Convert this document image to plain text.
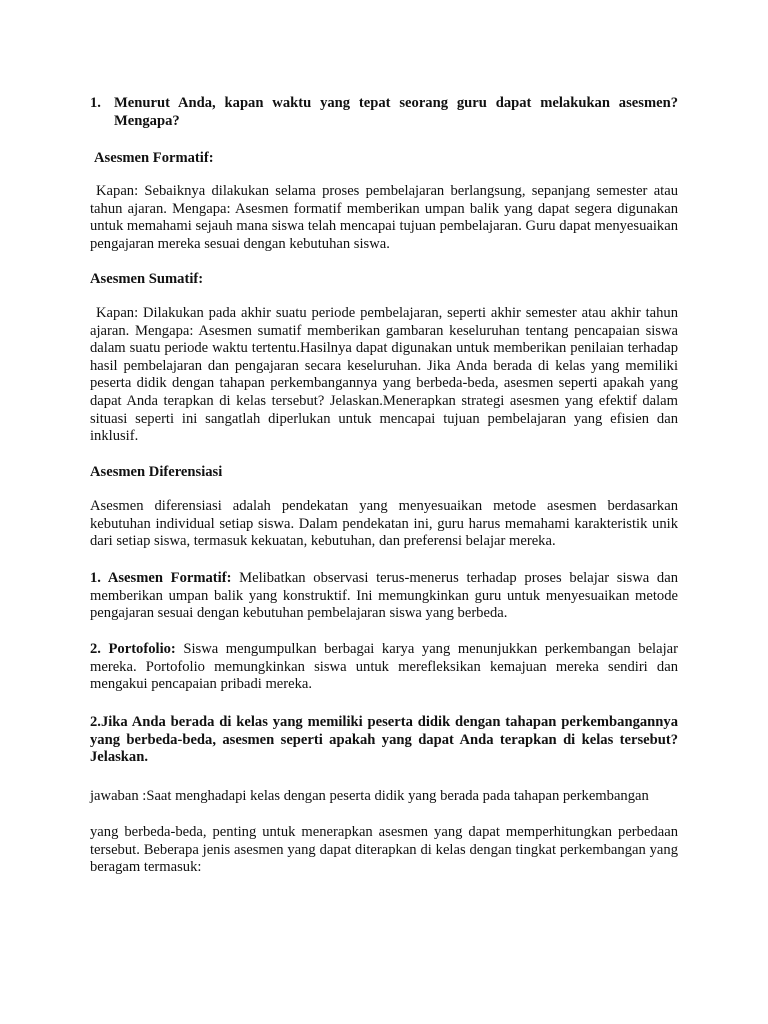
1. Menurut Anda, kapan waktu yang tepat seorang guru dapat melakukan asesmen? Mengapa?

Asesmen Formatif:

Kapan: Sebaiknya dilakukan selama proses pembelajaran berlangsung, sepanjang semester atau tahun ajaran. Mengapa: Asesmen formatif memberikan umpan balik yang dapat segera digunakan untuk memahami sejauh mana siswa telah mencapai tujuan pembelajaran. Guru dapat menyesuaikan pengajaran mereka sesuai dengan kebutuhan siswa.

Asesmen Sumatif:

Kapan: Dilakukan pada akhir suatu periode pembelajaran, seperti akhir semester atau akhir tahun ajaran. Mengapa: Asesmen sumatif memberikan gambaran keseluruhan tentang pencapaian siswa dalam suatu periode waktu tertentu.Hasilnya dapat digunakan untuk memberikan penilaian terhadap hasil pembelajaran dan pengajaran secara keseluruhan. Jika Anda berada di kelas yang memiliki peserta didik dengan tahapan perkembangannya yang berbeda-beda, asesmen seperti apakah yang dapat Anda terapkan di kelas tersebut? Jelaskan.Menerapkan strategi asesmen yang efektif dalam situasi seperti ini sangatlah diperlukan untuk mencapai tujuan pembelajaran yang efisien dan inklusif.

Asesmen Diferensiasi

Asesmen diferensiasi adalah pendekatan yang menyesuaikan metode asesmen berdasarkan kebutuhan individual setiap siswa. Dalam pendekatan ini, guru harus memahami karakteristik unik dari setiap siswa, termasuk kekuatan, kebutuhan, dan preferensi belajar mereka.

1. Asesmen Formatif: Melibatkan observasi terus-menerus terhadap proses belajar siswa dan memberikan umpan balik yang konstruktif. Ini memungkinkan guru untuk menyesuaikan metode pengajaran sesuai dengan kebutuhan pembelajaran siswa yang berbeda.

2. Portofolio: Siswa mengumpulkan berbagai karya yang menunjukkan perkembangan belajar mereka. Portofolio memungkinkan siswa untuk merefleksikan kemajuan mereka sendiri dan mengakui pencapaian pribadi mereka.

2.Jika Anda berada di kelas yang memiliki peserta didik dengan tahapan perkembangannya yang berbeda-beda, asesmen seperti apakah yang dapat Anda terapkan di kelas tersebut? Jelaskan.

jawaban :Saat menghadapi kelas dengan peserta didik yang berada pada tahapan perkembangan

yang berbeda-beda, penting untuk menerapkan asesmen yang dapat memperhitungkan perbedaan tersebut. Beberapa jenis asesmen yang dapat diterapkan di kelas dengan tingkat perkembangan yang beragam termasuk:
